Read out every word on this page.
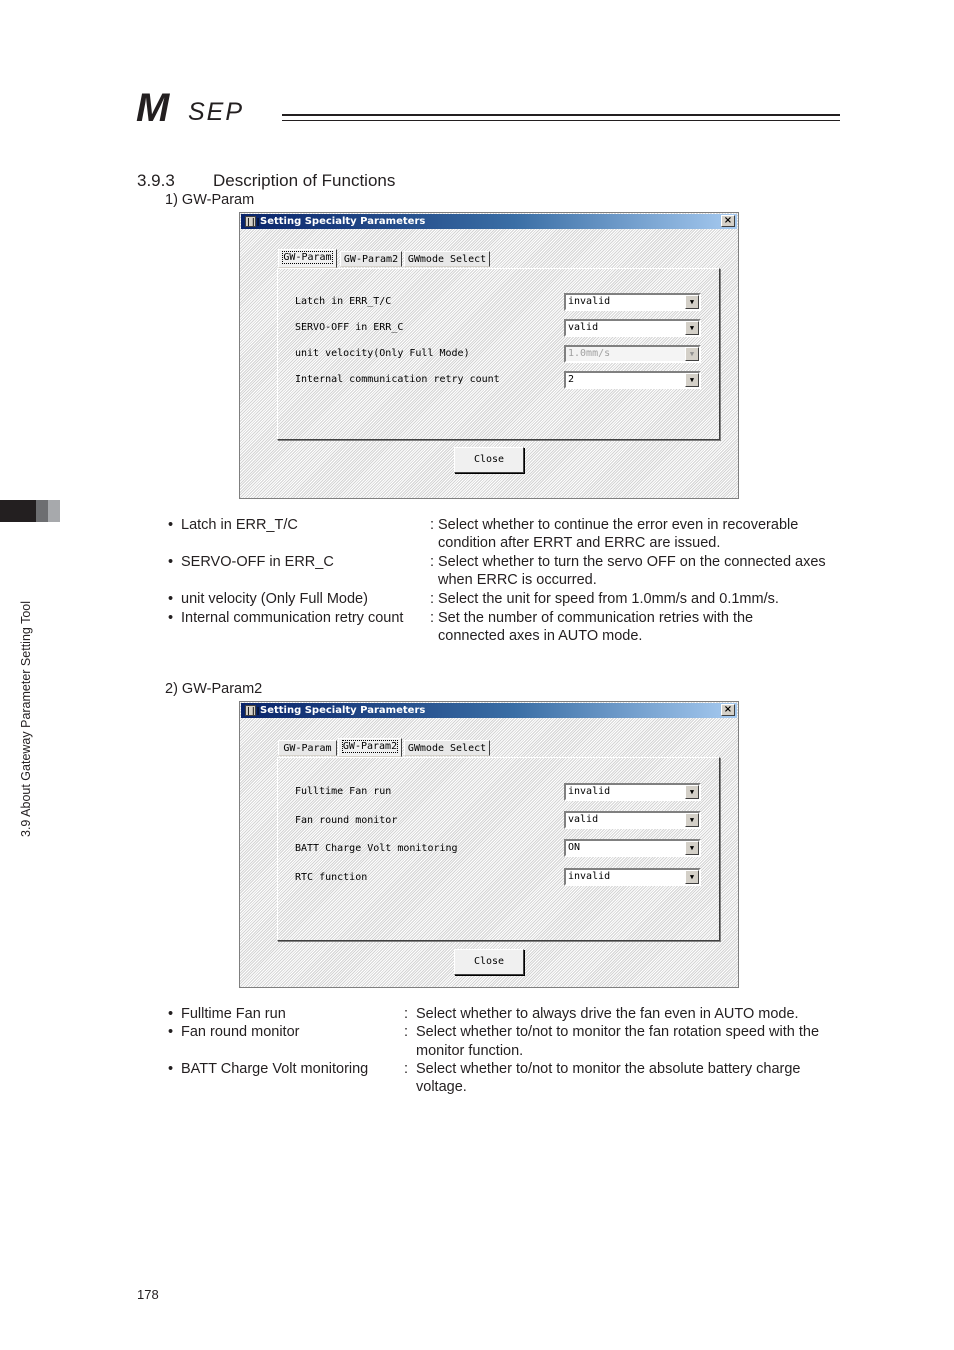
M SEP
3.9 About Gateway Parameter Setting Tool
3.9.3 Description of Functions
1) GW-Param
||| Setting Specialty Parameters	×
GW-Param	GW-Param2 GWmode Select
Latch in ERR_T/C	invalid	▼
SERVO-OFF in ERR_C	valid	▼
unit velocity(Only Full Mode)	1.0mm/s	▼
Internal communication retry count	2	▼
Close
• Latch in ERR_T/C	: Select whether to continue the error even in recoverable condition after ERRT and ERRC are issued.
• SERVO-OFF in ERR_C	: Select whether to turn the servo OFF on the connected axes when ERRC is occurred.
• unit velocity (Only Full Mode)	: Select the unit for speed from 1.0mm/s and 0.1mm/s.
• Internal communication retry count : Set the number of communication retries with the connected axes in AUTO mode.
2) GW-Param2
||| Setting Specialty Parameters	×
GW-Param	GW-Param2	GWmode Select
Fulltime Fan run	invalid	▼
Fan round monitor	valid	▼
BATT Charge Volt monitoring	ON	▼
RTC function	invalid	▼
Close
• Fulltime Fan run	: Select whether to always drive the fan even in AUTO mode.
• Fan round monitor	: Select whether to/not to monitor the fan rotation speed with the monitor function.
• BATT Charge Volt monitoring : Select whether to/not to monitor the absolute battery charge voltage.
178
